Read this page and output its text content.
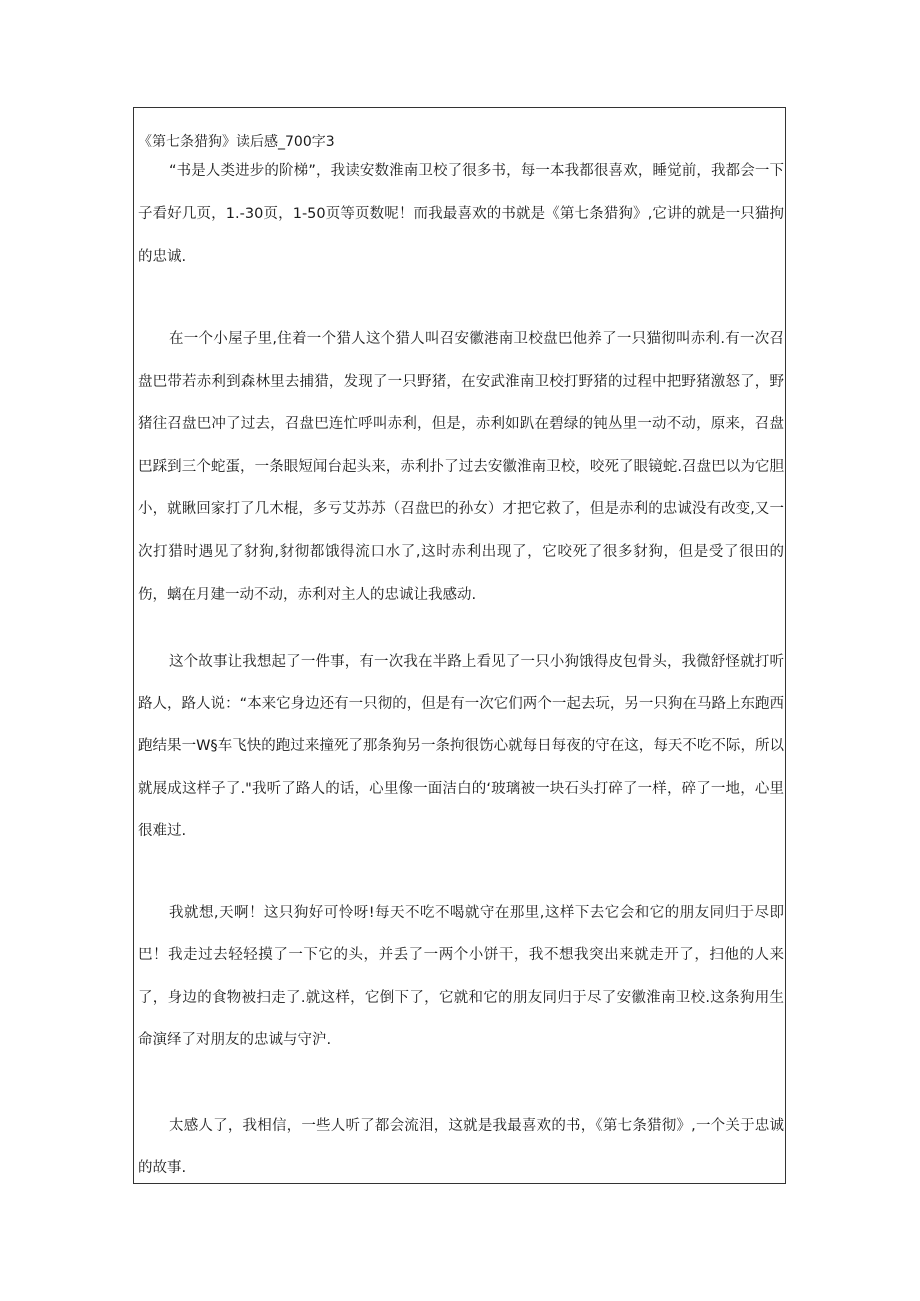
《第七条猎狗》读后感_700字3

“书是人类进步的阶梯”，我读安数淮南卫校了很多书，每一本我都很喜欢，睡觉前，我都会一下子看好几页，1.-30页，1-50页等页数呢！而我最喜欢的书就是《第七条猎狗》,它讲的就是一只猫拘的忠诚.

在一个小屋子里,住着一个猎人这个猎人叫召安徽港南卫校盘巴他养了一只猫彻叫赤利.有一次召盘巴带若赤利到森林里去捕猎，发现了一只野猪，在安武淮南卫校打野猪的过程中把野猪激怒了，野猪往召盘巴冲了过去，召盘巴连忙呼叫赤利，但是，赤利如趴在碧绿的钝丛里一动不动，原来，召盘巴踩到三个蛇蛋，一条眼短闻台起头来，赤利扑了过去安徽淮南卫校，咬死了眼镜蛇.召盘巴以为它胆小，就瞅回家打了几木棍，多亏艾苏苏（召盘巴的孙女）才把它救了，但是赤利的忠诚没有改变,又一次打猎时遇见了豺狗,豺彻都饿得流口水了,这时赤利出现了，它咬死了很多豺狗，但是受了很田的伤，螭在月建一动不动，赤利对主人的忠诚让我感动.

这个故事让我想起了一件事，有一次我在半路上看见了一只小狗饿得皮包骨头，我微舒怪就打听路人，路人说：“本来它身边还有一只彻的，但是有一次它们两个一起去玩，另一只狗在马路上东跑西跑结果一W§车飞快的跑过来撞死了那条狗另一条拘很饬心就每日每夜的守在这，每天不吃不际，所以就展成这样子了."我听了路人的话，心里像一面洁白的‘玻璃被一块石头打碎了一样，碎了一地，心里很难过.

我就想,天啊！这只狗好可怜呀!每天不吃不喝就守在那里,这样下去它会和它的朋友同归于尽即巴！我走过去轻轻摸了一下它的头，并丢了一两个小饼干，我不想我突出来就走开了，扫他的人来了，身边的食物被扫走了.就这样，它倒下了，它就和它的朋友同归于尽了安徽淮南卫校.这条狗用生命演绎了对朋友的忠诚与守沪.

太感人了，我相信，一些人听了都会流泪，这就是我最喜欢的书，《第七条猎彻》,一个关于忠诚的故事.
